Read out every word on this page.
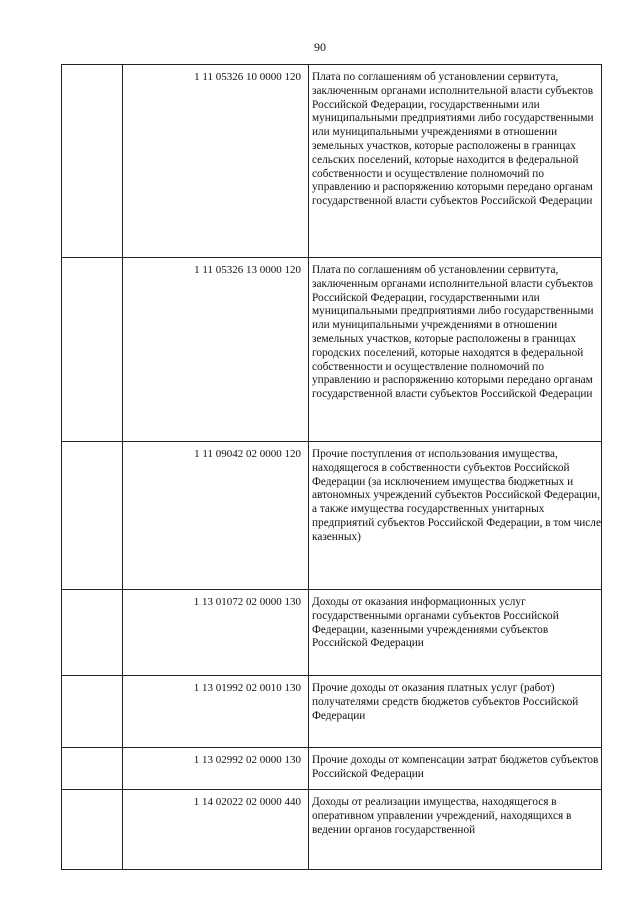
90

	1 11 05326 10 0000 120	Плата по соглашениям об установлении сервитута, заключенным органами исполнительной власти субъектов Российской Федерации, государственными или муниципальными предприятиями либо государственными или муниципальными учреждениями в отношении земельных участков, которые расположены в границах сельских поселений, которые находится в федеральной собственности и осуществление полномочий по управлению и распоряжению которыми передано органам государственной власти субъектов Российской Федерации

	1 11 05326 13 0000 120	Плата по соглашениям об установлении сервитута, заключенным органами исполнительной власти субъектов Российской Федерации, государственными или муниципальными предприятиями либо государственными или муниципальными учреждениями в отношении земельных участков, которые расположены в границах городских поселений, которые находятся в федеральной собственности и осуществление полномочий по управлению и распоряжению которыми передано органам государственной власти субъектов Российской Федерации

	1 11 09042 02 0000 120	Прочие поступления от использования имущества, находящегося в собственности субъектов Российской Федерации (за исключением имущества бюджетных и автономных учреждений субъектов Российской Федерации, а также имущества государственных унитарных предприятий субъектов Российской Федерации, в том числе казенных)

	1 13 01072 02 0000 130	Доходы от оказания информационных услуг государственными органами субъектов Российской Федерации, казенными учреждениями субъектов Российской Федерации

	1 13 01992 02 0010 130	Прочие доходы от оказания платных услуг (работ) получателями средств бюджетов субъектов Российской Федерации

	1 13 02992 02 0000 130	Прочие доходы от компенсации затрат бюджетов субъектов Российской Федерации

	1 14 02022 02 0000 440	Доходы от реализации имущества, находящегося в оперативном управлении учреждений, находящихся в ведении органов государственной
